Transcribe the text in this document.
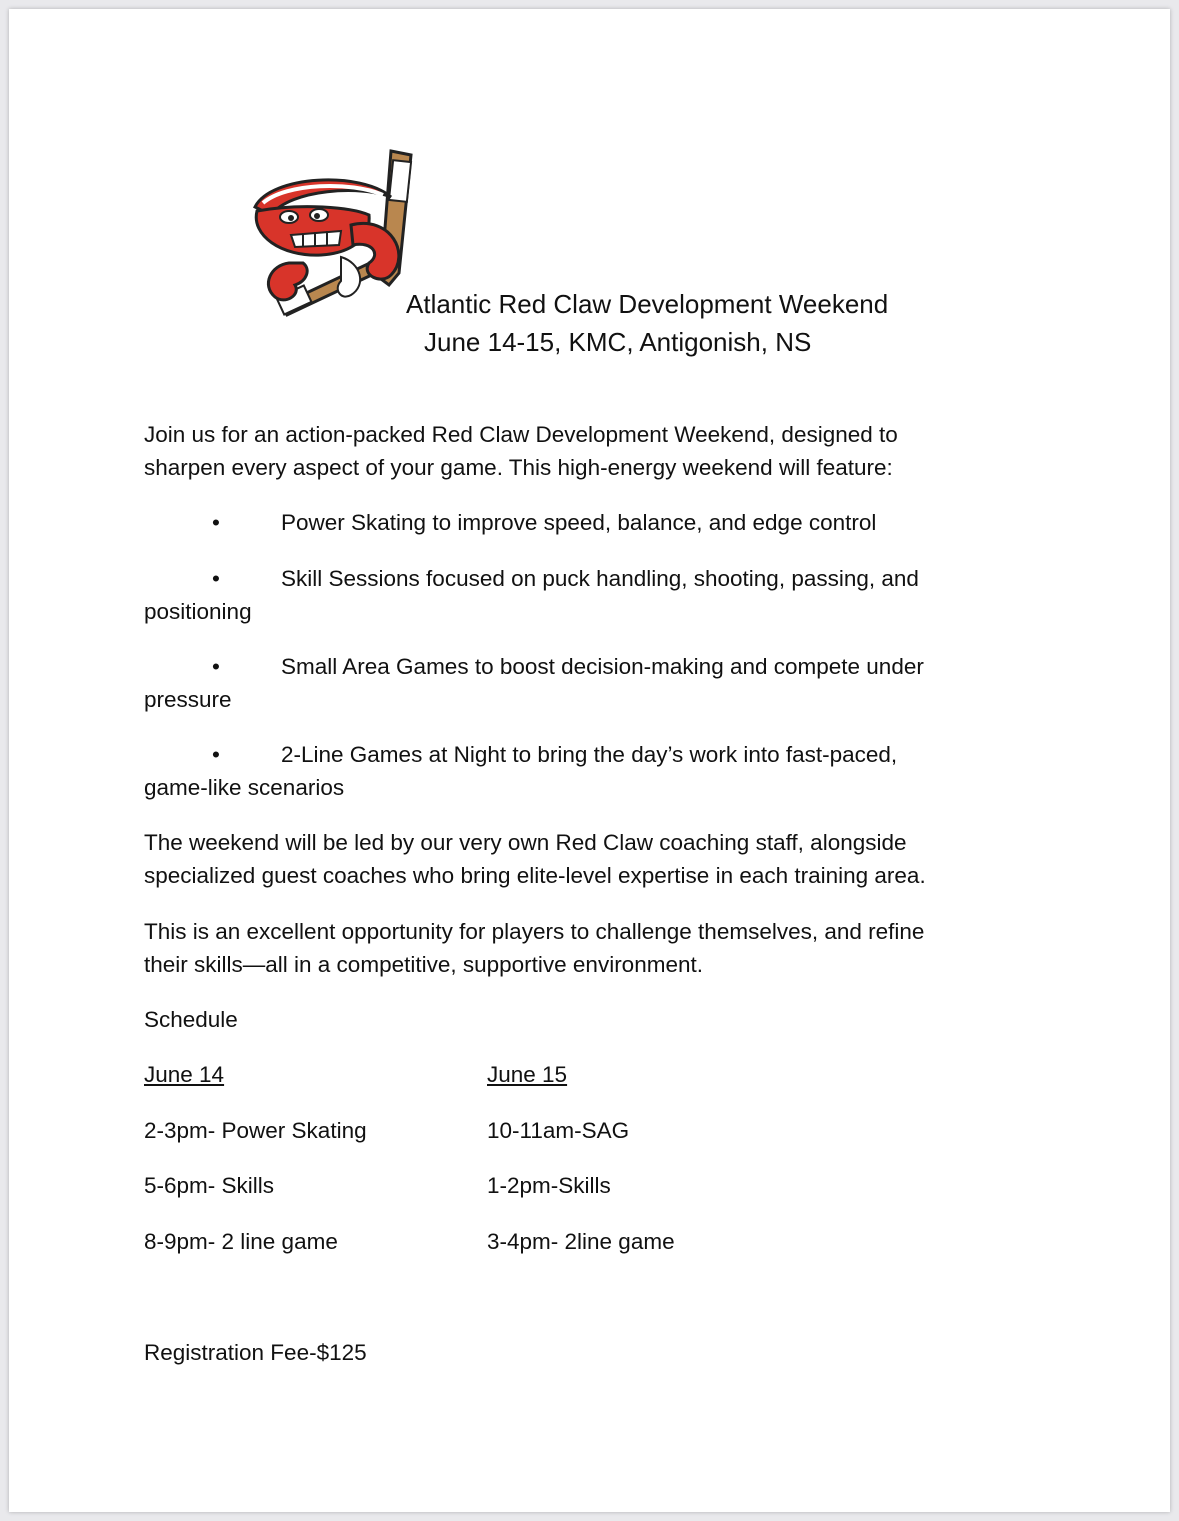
Atlantic Red Claw Development Weekend
June 14-15, KMC, Antigonish, NS
Join us for an action-packed Red Claw Development Weekend, designed to
sharpen every aspect of your game. This high-energy weekend will feature:
•	Power Skating to improve speed, balance, and edge control
•	Skill Sessions focused on puck handling, shooting, passing, and
positioning
•	Small Area Games to boost decision-making and compete under
pressure
•	2-Line Games at Night to bring the day’s work into fast-paced,
game-like scenarios
The weekend will be led by our very own Red Claw coaching staff, alongside
specialized guest coaches who bring elite-level expertise in each training area.
This is an excellent opportunity for players to challenge themselves, and refine
their skills—all in a competitive, supportive environment.
Schedule
June 14	June 15
2-3pm- Power Skating	10-11am-SAG
5-6pm- Skills	1-2pm-Skills
8-9pm- 2 line game	3-4pm- 2line game
Registration Fee-$125
